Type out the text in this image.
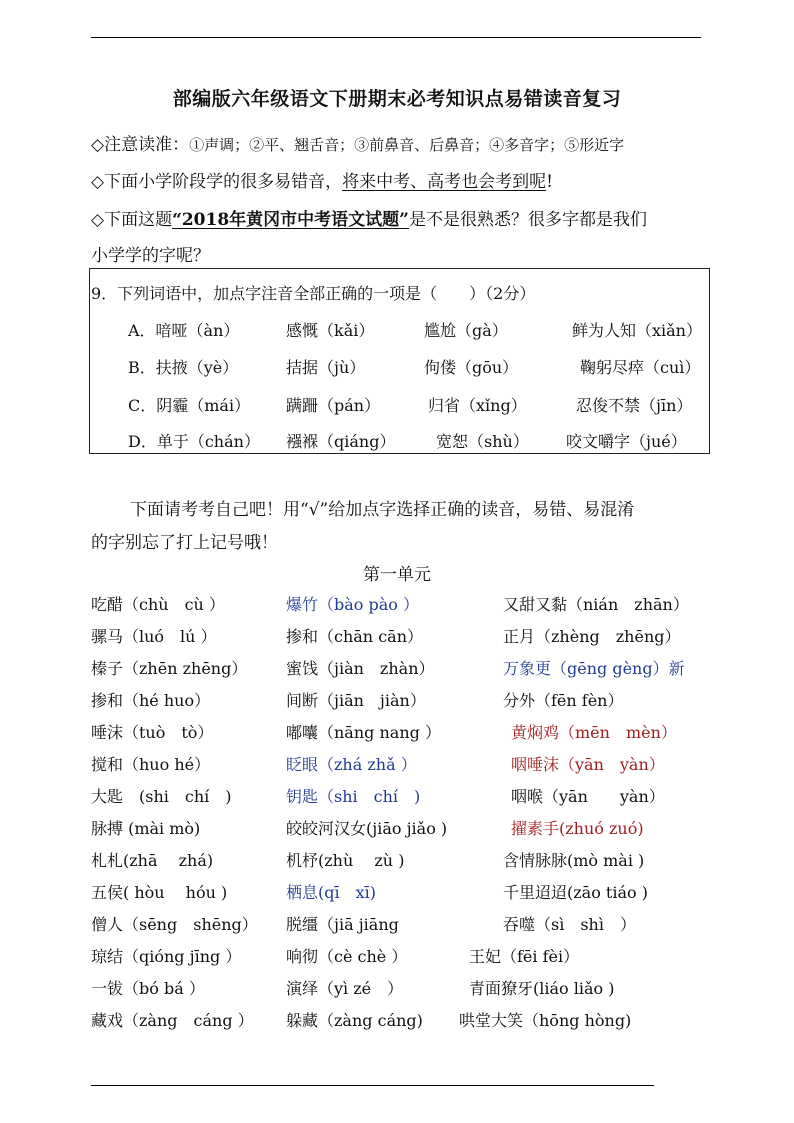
部编版六年级语文下册期末必考知识点易错读音复习
◇注意读准：①声调；②平、翘舌音；③前鼻音、后鼻音；④多音字；⑤形近字
◇下面小学阶段学的很多易错音，将来中考、高考也会考到呢!
◇下面这题“2018年黄冈市中考语文试题”是不是很熟悉？很多字都是我们
小学学的字呢？
9．下列词语中，加点字注音全部正确的一项是（　　）（2分）
A．喑哑（àn）	感慨（kǎi）	尴尬（gà）	鲜为人知（xiǎn）
B．扶掖（yè）	拮据（jù）	佝偻（gōu）	鞠躬尽瘁（cuì）
C．阴霾（mái） 蹒跚（pán）	归省（xǐng）	忍俊不禁（jīn）
D．单于（chán） 襁褓（qiáng）	宽恕（shù） 咬文嚼字（jué）
下面请考考自己吧！用“√”给加点字选择正确的读音，易错、易混淆
的字别忘了打上记号哦！
第一单元
吃醋（chù　cù ）	爆竹（bào pào ）	又甜又黏（nián　zhān）
骡马（luó　lú ）	掺和（chān cān）	正月（zhèng　zhēng）
榛子（zhēn zhēng） 蜜饯（jiàn　zhàn）	万象更（gēng gèng）新
掺和（hé huo）	间断（jiān　jiàn）	分外（fēn fèn）
唾沫（tuò　tò）	嘟囔（nāng nang ）	黄焖鸡（mēn　mèn）
搅和（huo hé）	眨眼（zhá zhǎ ）	咽唾沫（yān　yàn）
大匙　(shi　chí　)	钥匙（shi　chí　)	咽喉（yān　　yàn）
脉搏 (mài mò)	皎皎河汉女(jiāo jiǎo )	擢素手(zhuó zuó)
札札(zhā　 zhá)	机杼(zhù　 zù )	含情脉脉(mò mài )
五侯( hòu　 hóu )	栖息(qī　xī)	千里迢迢(zāo tiáo )
僧人（sēng　shēng） 脱缰（jiā jiāng	吞噬（sì　shì　）
琼结（qióng jīng ）	响彻（cè chè ）	王妃（fēi fèi）
一钹（bó bá ）	演绎（yì zé　）	青面獠牙(liáo liǎo )
藏戏（zàng　cáng ） 躲藏（zàng cáng) 哄堂大笑（hōng hòng)
